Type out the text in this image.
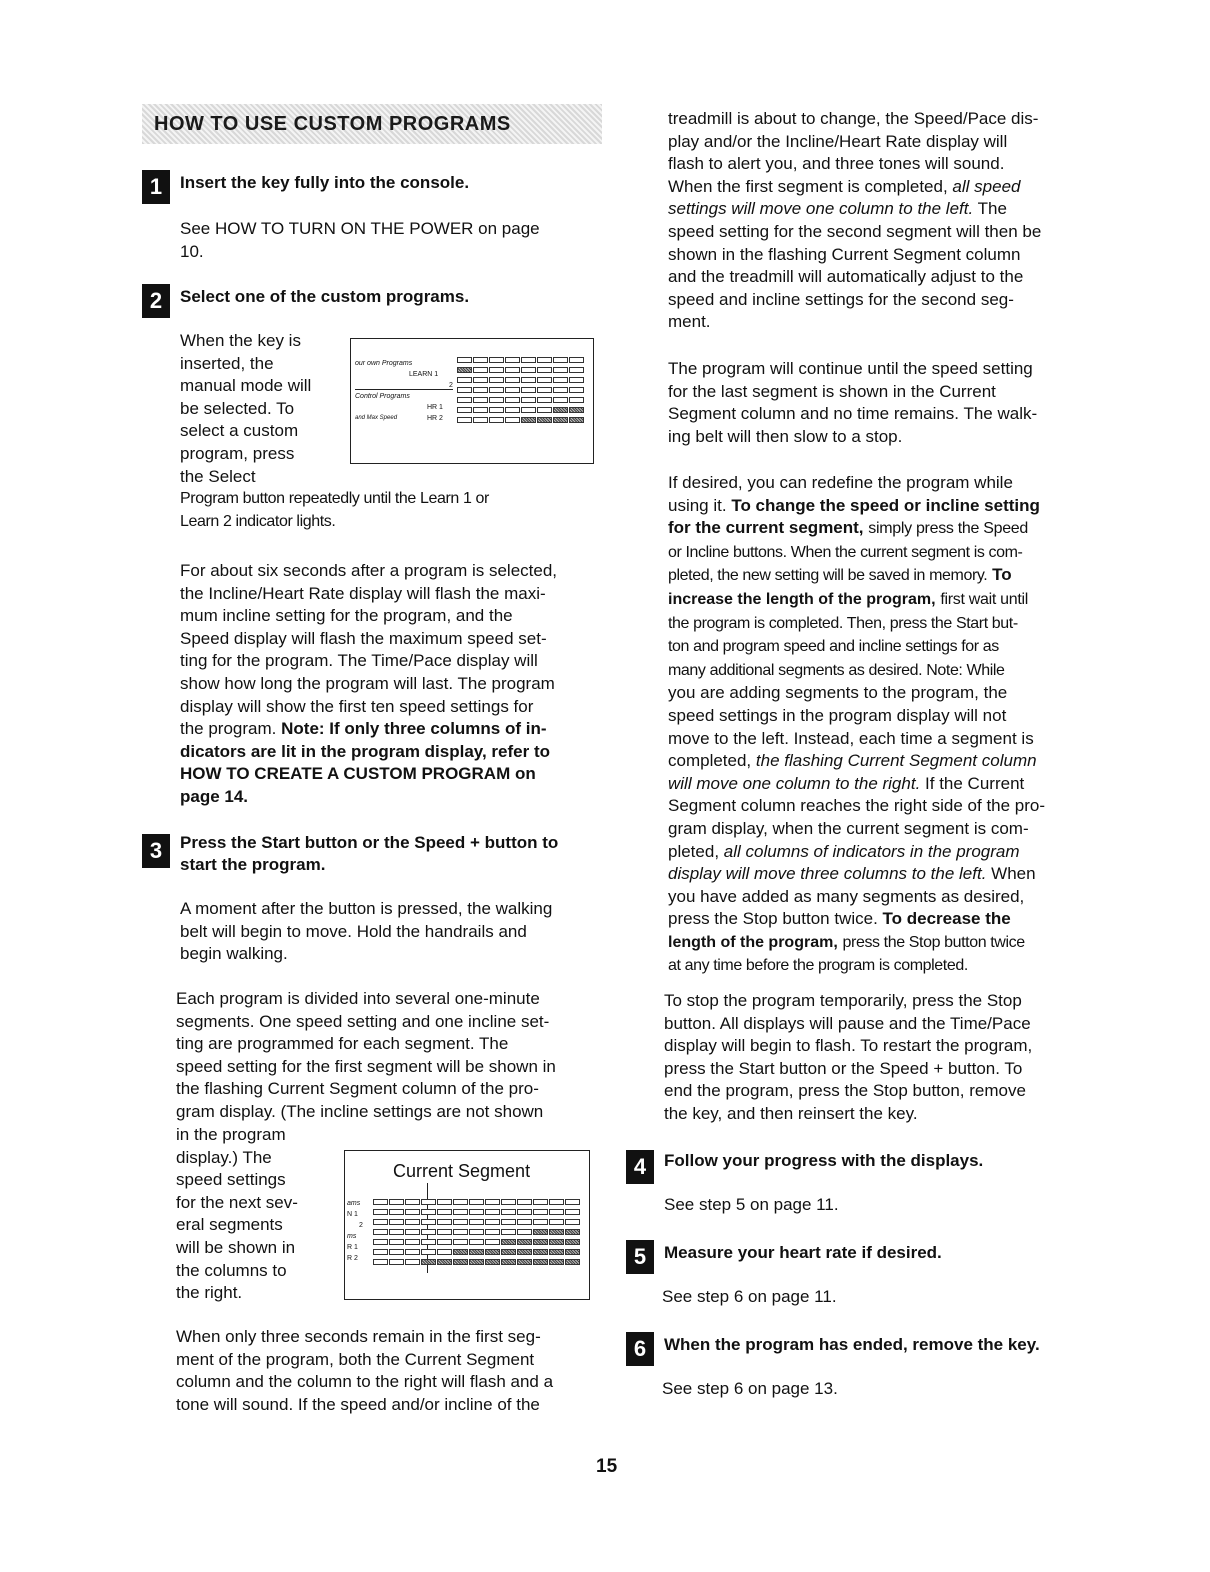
HOW TO USE CUSTOM PROGRAMS
1	Insert the key fully into the console.

See HOW TO TURN ON THE POWER on page
10.

2	Select one of the custom programs.

When the key is
inserted, the
manual mode will
be selected. To
select a custom
program, press
the Select

Program button repeatedly until the Learn 1 or
Learn 2 indicator lights.

our own Programs
LEARN 1
2
Control Programs
HR 1
and Max Speed	HR 2

For about six seconds after a program is selected,
the Incline/Heart Rate display will flash the maxi-
mum incline setting for the program, and the
Speed display will flash the maximum speed set-
ting for the program. The Time/Pace display will
show how long the program will last. The program
display will show the first ten speed settings for
the program. Note: If only three columns of in-
dicators are lit in the program display, refer to
HOW TO CREATE A CUSTOM PROGRAM on
page 14.

3	Press the Start button or the Speed + button to
start the program.

A moment after the button is pressed, the walking
belt will begin to move. Hold the handrails and
begin walking.

Each program is divided into several one-minute
segments. One speed setting and one incline set-
ting are programmed for each segment. The
speed setting for the first segment will be shown in
the flashing Current Segment column of the pro-
gram display. (The incline settings are not shown

in the program
display.) The
speed settings
for the next sev-
eral segments
will be shown in
the columns to
the right.

Current Segment
ams
N 1
2
ms
R 1
R 2

When only three seconds remain in the first seg-
ment of the program, both the Current Segment
column and the column to the right will flash and a
tone will sound. If the speed and/or incline of the

treadmill is about to change, the Speed/Pace dis-
play and/or the Incline/Heart Rate display will
flash to alert you, and three tones will sound.
When the first segment is completed, all speed
settings will move one column to the left. The
speed setting for the second segment will then be
shown in the flashing Current Segment column
and the treadmill will automatically adjust to the
speed and incline settings for the second seg-
ment.

The program will continue until the speed setting
for the last segment is shown in the Current
Segment column and no time remains. The walk-
ing belt will then slow to a stop.

If desired, you can redefine the program while
using it. To change the speed or incline setting
for the current segment, simply press the Speed
or Incline buttons. When the current segment is com-
pleted, the new setting will be saved in memory. To
increase the length of the program, first wait until
the program is completed. Then, press the Start but-
ton and program speed and incline settings for as
many additional segments as desired. Note: While
you are adding segments to the program, the
speed settings in the program display will not
move to the left. Instead, each time a segment is
completed, the flashing Current Segment column
will move one column to the right. If the Current
Segment column reaches the right side of the pro-
gram display, when the current segment is com-
pleted, all columns of indicators in the program
display will move three columns to the left. When
you have added as many segments as desired,
press the Stop button twice. To decrease the
length of the program, press the Stop button twice
at any time before the program is completed.

To stop the program temporarily, press the Stop
button. All displays will pause and the Time/Pace
display will begin to flash. To restart the program,
press the Start button or the Speed + button. To
end the program, press the Stop button, remove
the key, and then reinsert the key.

4	Follow your progress with the displays.

See step 5 on page 11.

5	Measure your heart rate if desired.

See step 6 on page 11.

6	When the program has ended, remove the key.

See step 6 on page 13.

15
